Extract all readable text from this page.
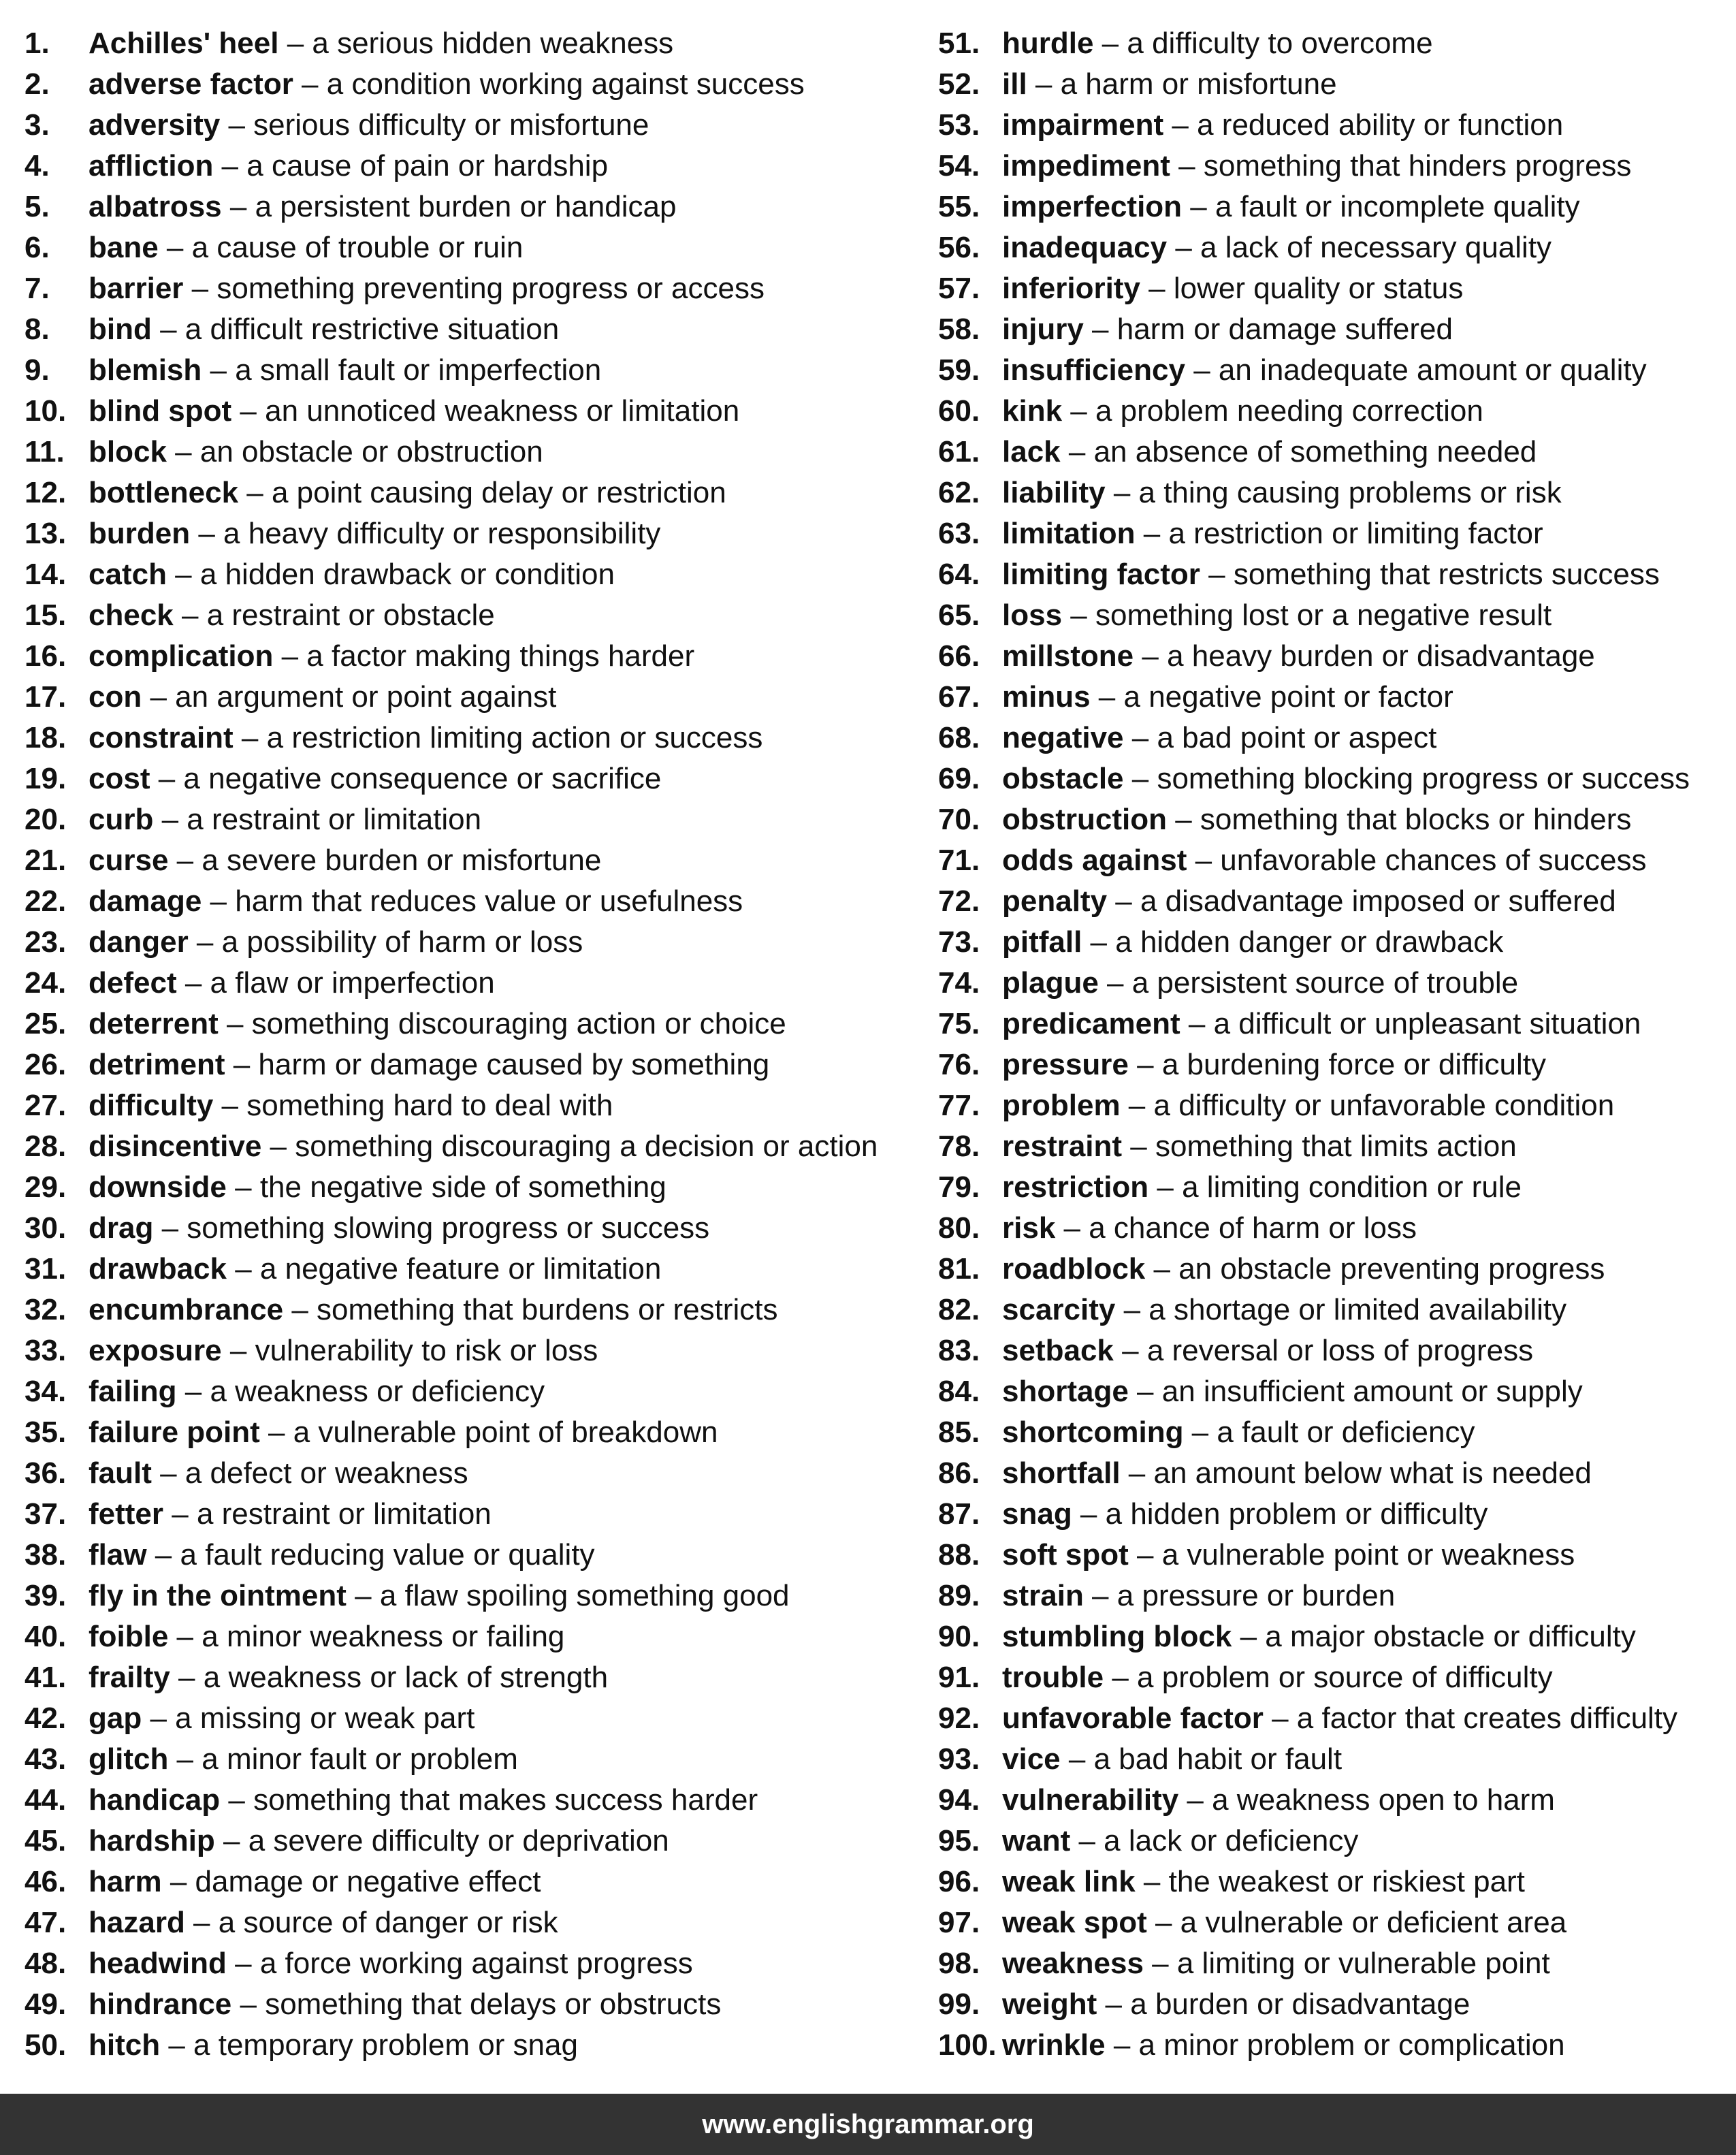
1.	Achilles' heel – a serious hidden weakness
2.	adverse factor – a condition working against success
3.	adversity – serious difficulty or misfortune
4.	affliction – a cause of pain or hardship
5.	albatross – a persistent burden or handicap
6.	bane – a cause of trouble or ruin
7.	barrier – something preventing progress or access
8.	bind – a difficult restrictive situation
9.	blemish – a small fault or imperfection
10. blind spot – an unnoticed weakness or limitation
11. block – an obstacle or obstruction
12. bottleneck – a point causing delay or restriction
13. burden – a heavy difficulty or responsibility
14. catch – a hidden drawback or condition
15. check – a restraint or obstacle
16. complication – a factor making things harder
17. con – an argument or point against
18. constraint – a restriction limiting action or success
19. cost – a negative consequence or sacrifice
20. curb – a restraint or limitation
21. curse – a severe burden or misfortune
22. damage – harm that reduces value or usefulness
23. danger – a possibility of harm or loss
24. defect – a flaw or imperfection
25. deterrent – something discouraging action or choice
26. detriment – harm or damage caused by something
27. difficulty – something hard to deal with
28. disincentive – something discouraging a decision or action
29. downside – the negative side of something
30. drag – something slowing progress or success
31. drawback – a negative feature or limitation
32. encumbrance – something that burdens or restricts
33. exposure – vulnerability to risk or loss
34. failing – a weakness or deficiency
35. failure point – a vulnerable point of breakdown
36. fault – a defect or weakness
37. fetter – a restraint or limitation
38. flaw – a fault reducing value or quality
39. fly in the ointment – a flaw spoiling something good
40. foible – a minor weakness or failing
41. frailty – a weakness or lack of strength
42. gap – a missing or weak part
43. glitch – a minor fault or problem
44. handicap – something that makes success harder
45. hardship – a severe difficulty or deprivation
46. harm – damage or negative effect
47. hazard – a source of danger or risk
48. headwind – a force working against progress
49. hindrance – something that delays or obstructs
50. hitch – a temporary problem or snag
51. hurdle – a difficulty to overcome
52. ill – a harm or misfortune
53. impairment – a reduced ability or function
54. impediment – something that hinders progress
55. imperfection – a fault or incomplete quality
56. inadequacy – a lack of necessary quality
57. inferiority – lower quality or status
58. injury – harm or damage suffered
59. insufficiency – an inadequate amount or quality
60. kink – a problem needing correction
61. lack – an absence of something needed
62. liability – a thing causing problems or risk
63. limitation – a restriction or limiting factor
64. limiting factor – something that restricts success
65. loss – something lost or a negative result
66. millstone – a heavy burden or disadvantage
67. minus – a negative point or factor
68. negative – a bad point or aspect
69. obstacle – something blocking progress or success
70. obstruction – something that blocks or hinders
71. odds against – unfavorable chances of success
72. penalty – a disadvantage imposed or suffered
73. pitfall – a hidden danger or drawback
74. plague – a persistent source of trouble
75. predicament – a difficult or unpleasant situation
76. pressure – a burdening force or difficulty
77. problem – a difficulty or unfavorable condition
78. restraint – something that limits action
79. restriction – a limiting condition or rule
80. risk – a chance of harm or loss
81. roadblock – an obstacle preventing progress
82. scarcity – a shortage or limited availability
83. setback – a reversal or loss of progress
84. shortage – an insufficient amount or supply
85. shortcoming – a fault or deficiency
86. shortfall – an amount below what is needed
87. snag – a hidden problem or difficulty
88. soft spot – a vulnerable point or weakness
89. strain – a pressure or burden
90. stumbling block – a major obstacle or difficulty
91. trouble – a problem or source of difficulty
92. unfavorable factor – a factor that creates difficulty
93. vice – a bad habit or fault
94. vulnerability – a weakness open to harm
95. want – a lack or deficiency
96. weak link – the weakest or riskiest part
97. weak spot – a vulnerable or deficient area
98. weakness – a limiting or vulnerable point
99. weight – a burden or disadvantage
100. wrinkle – a minor problem or complication
www.englishgrammar.org
